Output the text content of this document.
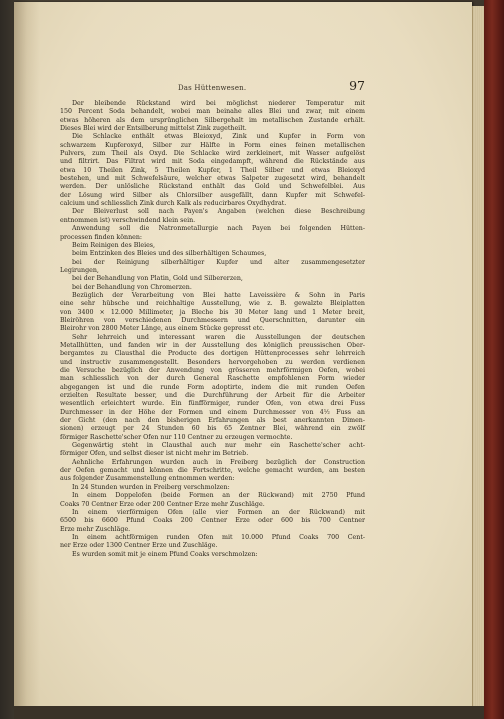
Das Hüttenwesen.	97
Der bleibende Rückstand wird bei möglichst niederer Temperatur mit
150 Percent Soda behandelt, wobei man beinahe alles Blei und zwar, mit einem
etwas höheren als dem ursprünglichen Silbergehalt im metallischen Zustande erhält.
Dieses Blei wird der Entsilberung mittelst Zink zugetheilt.
Die Schlacke enthält etwas Bleioxyd, Zink und Kupfer in Form von
schwarzem Kupferoxyd, Silber zur Hälfte in Form eines feinen metallischen
Pulvers, zum Theil als Oxyd. Die Schlacke wird zerkleinert, mit Wasser aufgelöst
und filtrirt. Das Filtrat wird mit Soda eingedampft, während die Rückstände aus
etwa 10 Theilen Zink, 5 Theilen Kupfer, 1 Theil Silber und etwas Bleioxyd
bestehen, und mit Schwefelsäure, welcher etwas Salpeter zugesetzt wird, behandelt
werden. Der unlösliche Rückstand enthält das Gold und Schwefelblei. Aus
der Lösung wird Silber als Chlorsilber ausgefällt, dann Kupfer mit Schwefel-
calcium und schliesslich Zink durch Kalk als reducirbares Oxydhydrat.
Der Bleiverlust soll nach Payen's Angaben (welchen diese Beschreibung
entnommen ist) verschwindend klein sein.
Anwendung soll die Natronmetallurgie nach Payen bei folgenden Hütten-
processen finden können:
Beim Reinigen des Bleies,
beim Entzinken des Bleies und des silberhältigen Schaumes,
bei der Reinigung silberhältiger Kupfer und alter zusammengesetzter
Legirungen,
bei der Behandlung von Platin, Gold und Silbererzen,
bei der Behandlung von Chromerzen.
Bezüglich der Verarbeitung von Blei hatte Laveissière & Sohn in Paris
eine sehr hübsche und reichhaltige Ausstellung, wie z. B. gewalzte Bleiplatten
von 3400 × 12.000 Millimeter, ja Bleche bis 30 Meter lang und 1 Meter breit,
Bleiröhren von verschiedenen Durchmessern und Querschnitten, darunter ein
Bleirohr von 2800 Meter Länge, aus einem Stücke gepresst etc.
Sehr lehrreich und interessant waren die Ausstellungen der deutschen
Metallhütten, und fanden wir in der Ausstellung des königlich preussischen Ober-
bergamtes zu Clausthal die Producte des dortigen Hüttenprocesses sehr lehrreich
und instructiv zusammengestellt. Besonders hervorgehoben zu werden verdienen
die Versuche bezüglich der Anwendung von grösseren mehrförmigen Oefen, wobei
man schliesslich von der durch General Raschette empfohlenen Form wieder
abgegangen ist und die runde Form adoptirte, indem die mit runden Oefen
erzielten Resultate besser, und die Durchführung der Arbeit für die Arbeiter
wesentlich erleichtert wurde. Ein fünfförmiger, runder Ofen, von etwa drei Fuss
Durchmesser in der Höhe der Formen und einem Durchmesser von 4½ Fuss an
der Gicht (den nach den bisherigen Erfahrungen als best anerkannten Dimen-
sionen) erzeugt per 24 Stunden 60 bis 65 Zentner Blei, während ein zwölf
förmiger Raschette'scher Ofen nur 110 Centner zu erzeugen vermochte.
Gegenwärtig steht in Clausthal auch nur mehr ein Raschette'scher acht-
förmiger Ofen, und selbst dieser ist nicht mehr im Betrieb.
Aehnliche Erfahrungen wurden auch in Freiberg bezüglich der Construction
der Oefen gemacht und können die Fortschritte, welche gemacht wurden, am besten
aus folgender Zusammenstellung entnommen werden:
In 24 Stunden wurden in Freiberg verschmolzen:
In einem Doppelofen (beide Formen an der Rückwand) mit 2750 Pfund
Coaks 70 Centner Erze oder 200 Centner Erze mehr Zuschläge.
In einem vierförmigen Ofen (alle vier Formen an der Rückwand) mit
6500 bis 6600 Pfund Coaks 200 Centner Erze oder 600 bis 700 Centner
Erze mehr Zuschläge.
In einem achtförmigen runden Ofen mit 10.000 Pfund Coaks 700 Cent-
ner Erze oder 1300 Centner Erze und Zuschläge.
Es wurden somit mit je einem Pfund Coaks verschmolzen:
